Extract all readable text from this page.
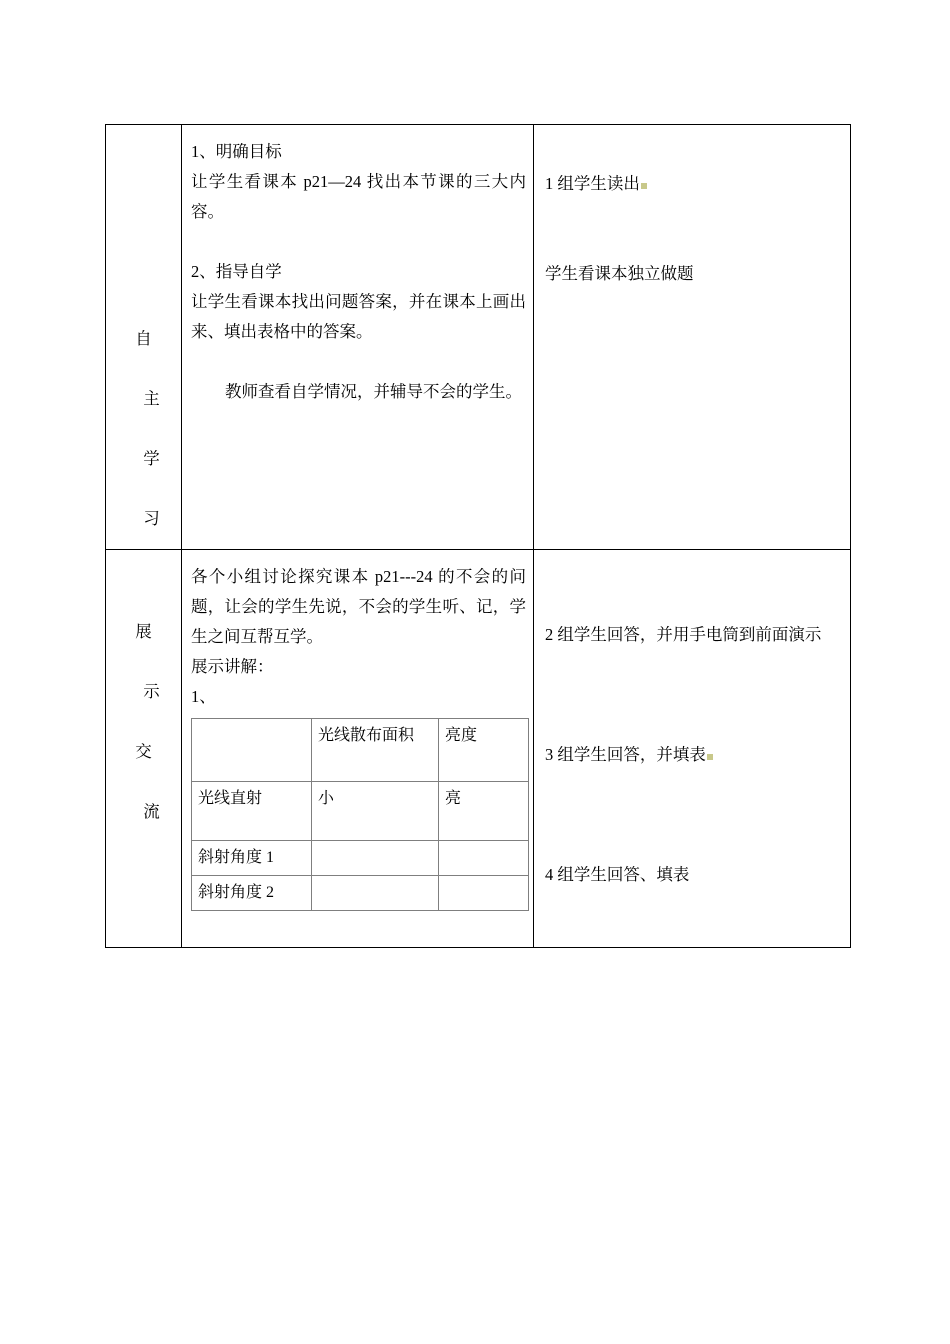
自
主
学
习

1、明确目标

让学生看课本 p21—24 找出本节课的三大内容。

2、指导自学

让学生看课本找出问题答案，并在课本上画出来、填出表格中的答案。

教师查看自学情况，并辅导不会的学生。

1 组学生读出

学生看课本独立做题

展
示
交
流

各个小组讨论探究课本 p21---24 的不会的问题，让会的学生先说，不会的学生听、记，学生之间互帮互学。

展示讲解：

1、

	光线散布面积	亮度
光线直射	小	亮
斜射角度 1		
斜射角度 2		

2 组学生回答，并用手电筒到前面演示

3 组学生回答，并填表

4 组学生回答、填表
